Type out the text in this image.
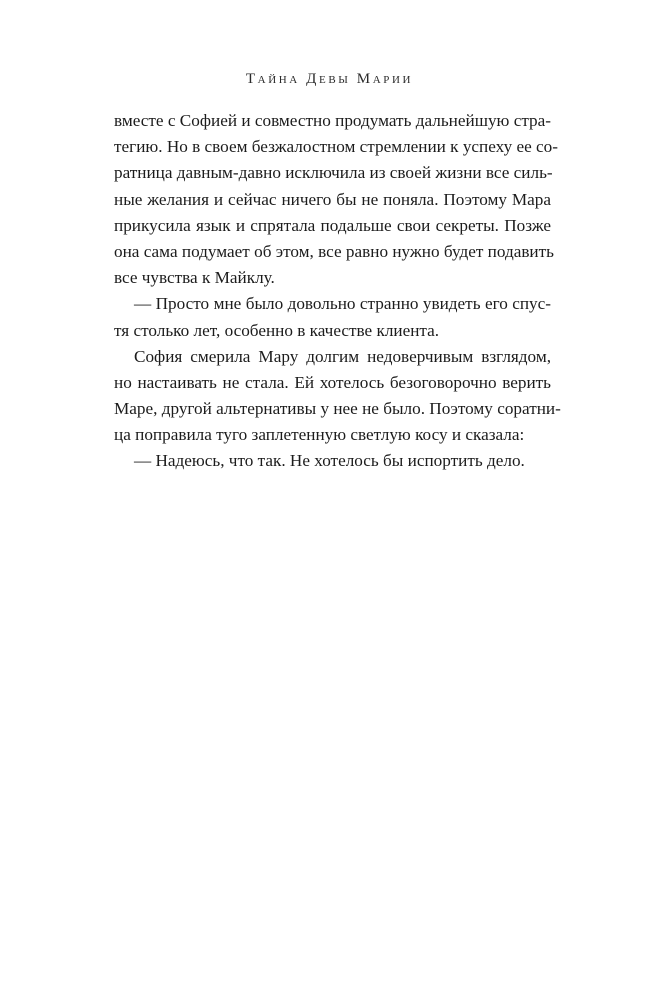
Тайна Девы Марии
вместе с Софией и совместно продумать дальнейшую стра-
тегию. Но в своем безжалостном стремлении к успеху ее со-
ратница давным-давно исключила из своей жизни все силь-
ные желания и сейчас ничего бы не поняла. Поэтому Мара
прикусила язык и спрятала подальше свои секреты. Позже
она сама подумает об этом, все равно нужно будет подавить
все чувства к Майклу.
— Просто мне было довольно странно увидеть его спус-
тя столько лет, особенно в качестве клиента.
София смерила Мару долгим недоверчивым взглядом,
но настаивать не стала. Ей хотелось безоговорочно верить
Маре, другой альтернативы у нее не было. Поэтому соратни-
ца поправила туго заплетенную светлую косу и сказала:
— Надеюсь, что так. Не хотелось бы испортить дело.
